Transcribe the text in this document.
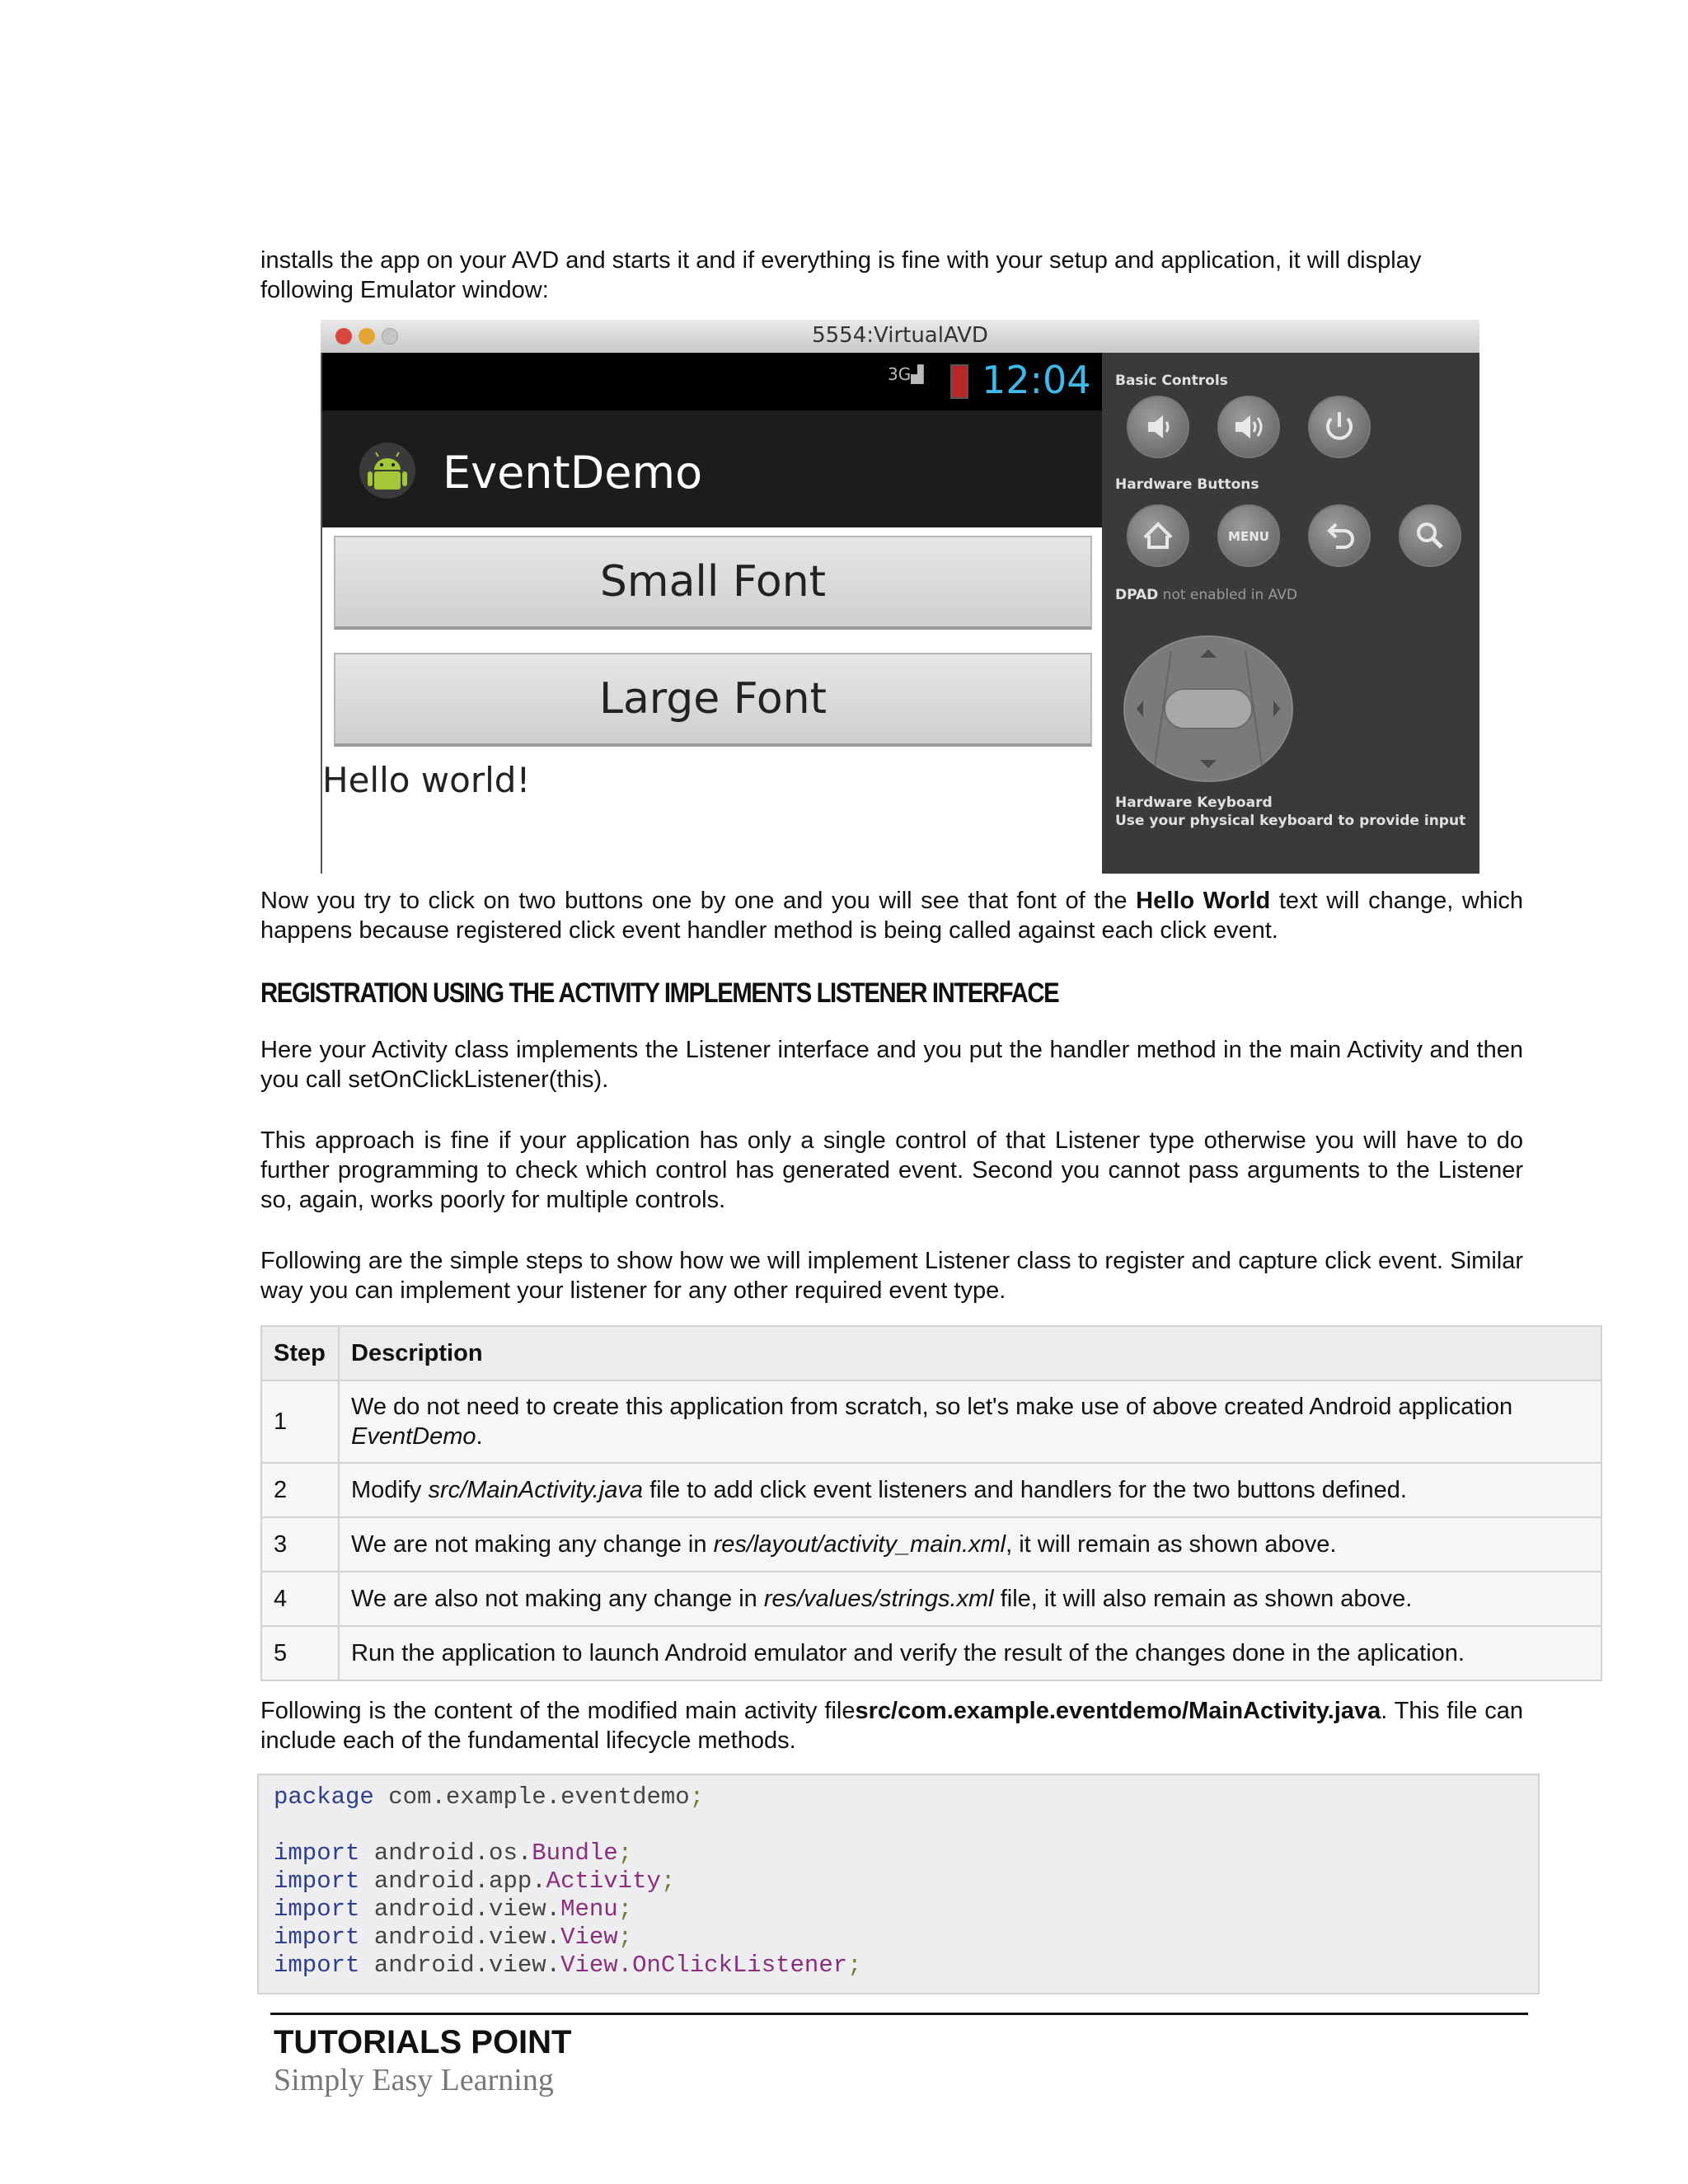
installs the app on your AVD and starts it and if everything is fine with your setup and application, it will display
following Emulator window:

5554:VirtualAVD
3G▟ 12:04
EventDemo
Small Font
Large Font
Hello world!
Basic Controls
Hardware Buttons
MENU
DPAD not enabled in AVD
Hardware Keyboard
Use your physical keyboard to provide input

Now you try to click on two buttons one by one and you will see that font of the Hello World text will change, which happens because registered click event handler method is being called against each click event.

REGISTRATION USING THE ACTIVITY IMPLEMENTS LISTENER INTERFACE

Here your Activity class implements the Listener interface and you put the handler method in the main Activity and then you call setOnClickListener(this).

This approach is fine if your application has only a single control of that Listener type otherwise you will have to do further programming to check which control has generated event. Second you cannot pass arguments to the Listener so, again, works poorly for multiple controls.

Following are the simple steps to show how we will implement Listener class to register and capture click event. Similar way you can implement your listener for any other required event type.

Step	Description
1	We do not need to create this application from scratch, so let's make use of above created Android application EventDemo.
2	Modify src/MainActivity.java file to add click event listeners and handlers for the two buttons defined.
3	We are not making any change in res/layout/activity_main.xml, it will remain as shown above.
4	We are also not making any change in res/values/strings.xml file, it will also remain as shown above.
5	Run the application to launch Android emulator and verify the result of the changes done in the aplication.

Following is the content of the modified main activity filesrc/com.example.eventdemo/MainActivity.java. This file can include each of the fundamental lifecycle methods.

package com.example.eventdemo;

import android.os.Bundle;
import android.app.Activity;
import android.view.Menu;
import android.view.View;
import android.view.View.OnClickListener;
TUTORIALS POINT
Simply Easy Learning
